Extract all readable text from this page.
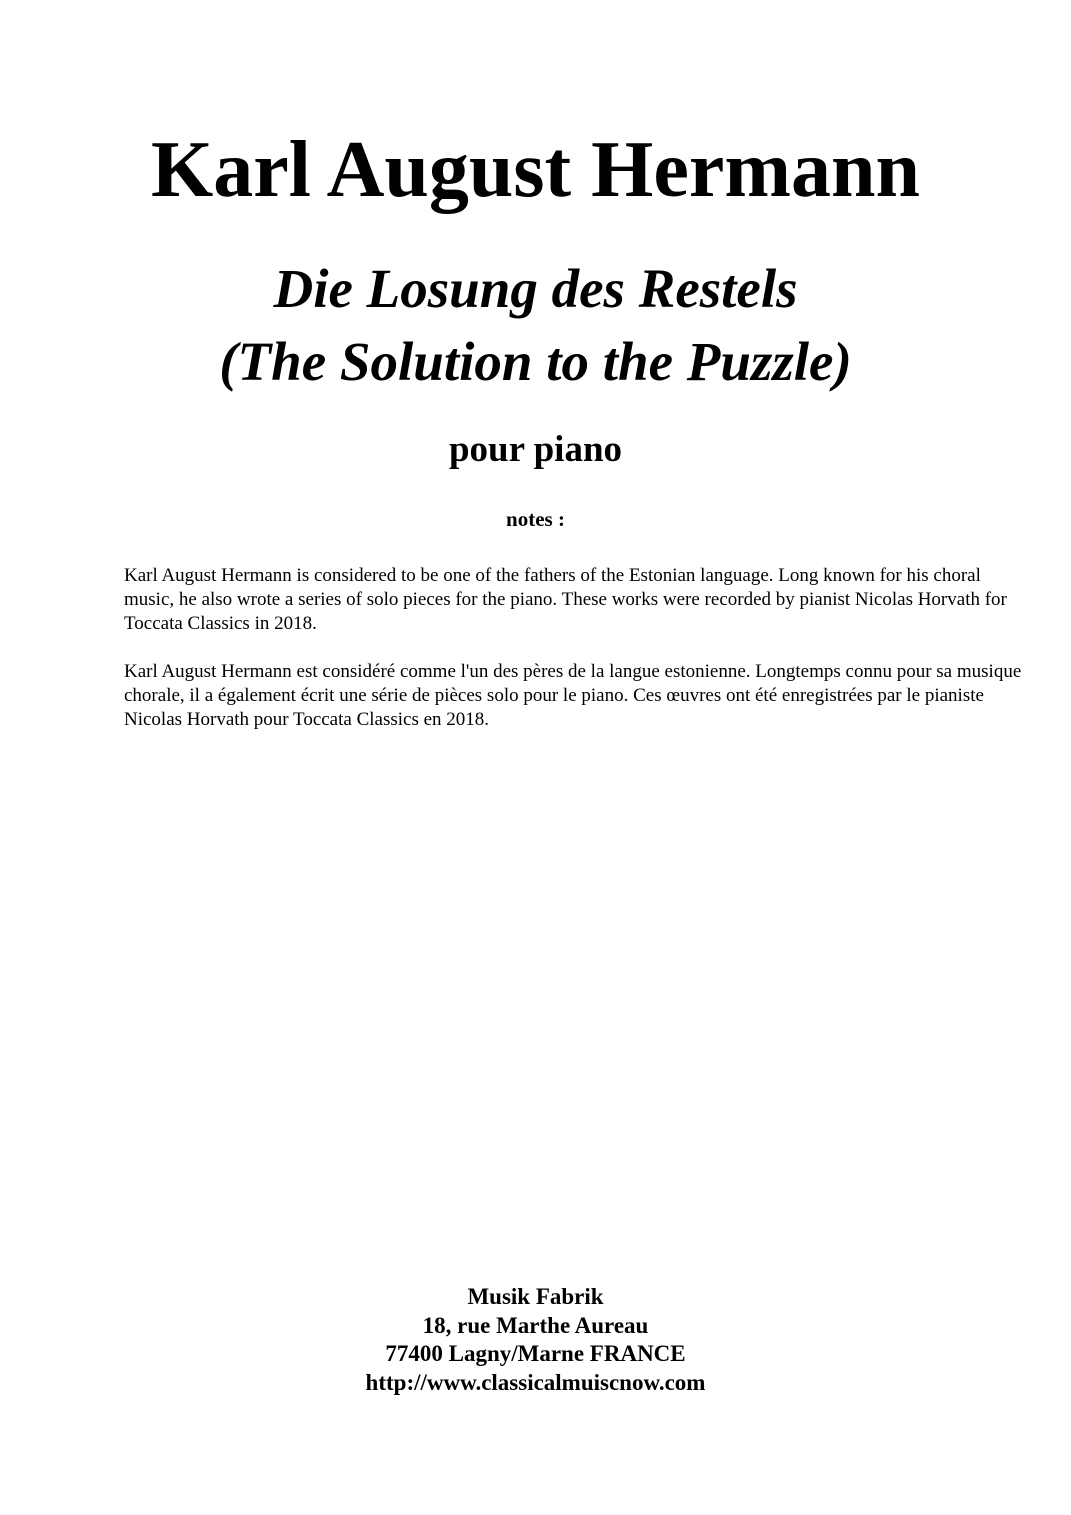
Karl August Hermann
Die Losung des Restels
(The Solution to the Puzzle)
pour piano
notes :

Karl August Hermann is considered to be one of the fathers of the Estonian language. Long known for his choral music, he also wrote a series of solo pieces for the piano. These works were recorded by pianist Nicolas Horvath for Toccata Classics in 2018.

Karl August Hermann est considéré comme l'un des pères de la langue estonienne. Longtemps connu pour sa musique chorale, il a également écrit une série de pièces solo pour le piano. Ces œuvres ont été enregistrées par le pianiste Nicolas Horvath pour Toccata Classics en 2018.

Musik Fabrik
18, rue Marthe Aureau
77400 Lagny/Marne FRANCE
http://www.classicalmuiscnow.com
